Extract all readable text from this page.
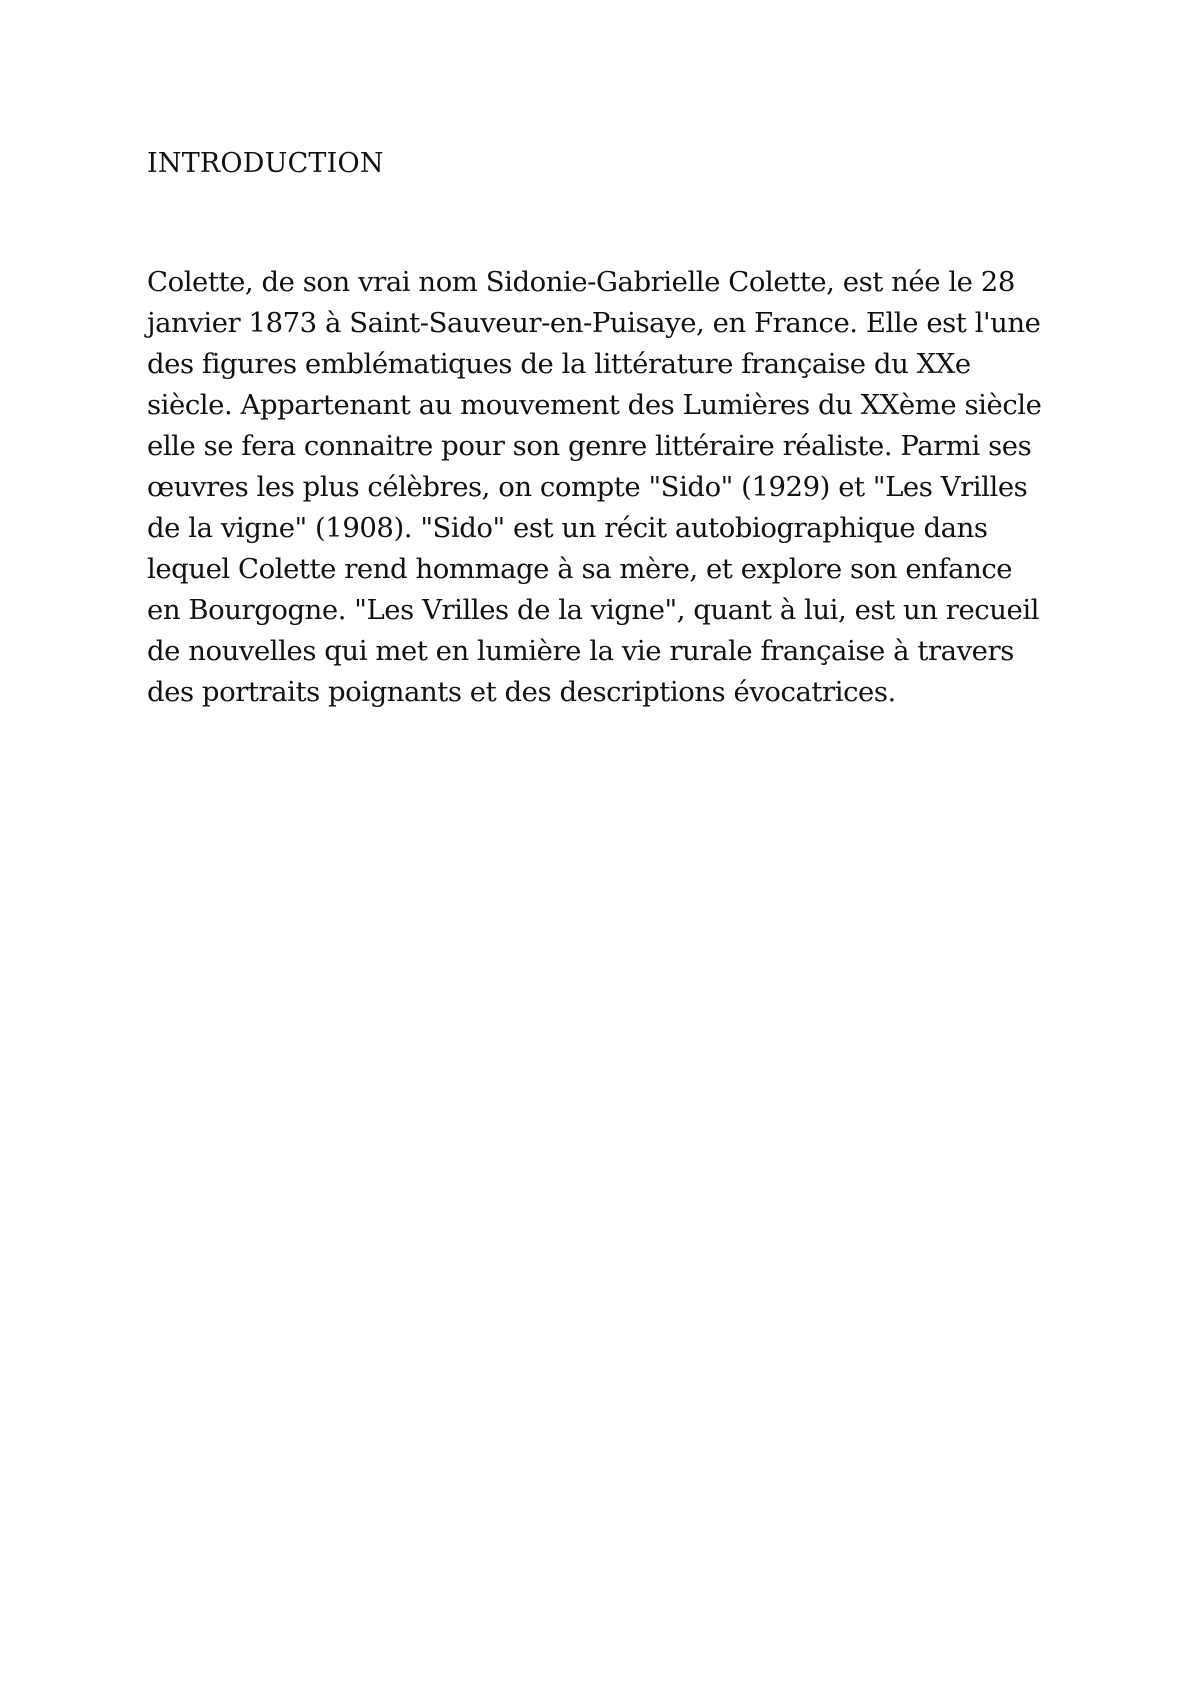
INTRODUCTION
Colette, de son vrai nom Sidonie-Gabrielle Colette, est née le 28
janvier 1873 à Saint-Sauveur-en-Puisaye, en France. Elle est l'une
des figures emblématiques de la littérature française du XXe
siècle. Appartenant au mouvement des Lumières du XXème siècle
elle se fera connaitre pour son genre littéraire réaliste. Parmi ses
œuvres les plus célèbres, on compte "Sido" (1929) et "Les Vrilles
de la vigne" (1908). "Sido" est un récit autobiographique dans
lequel Colette rend hommage à sa mère, et explore son enfance
en Bourgogne. "Les Vrilles de la vigne", quant à lui, est un recueil
de nouvelles qui met en lumière la vie rurale française à travers
des portraits poignants et des descriptions évocatrices.
